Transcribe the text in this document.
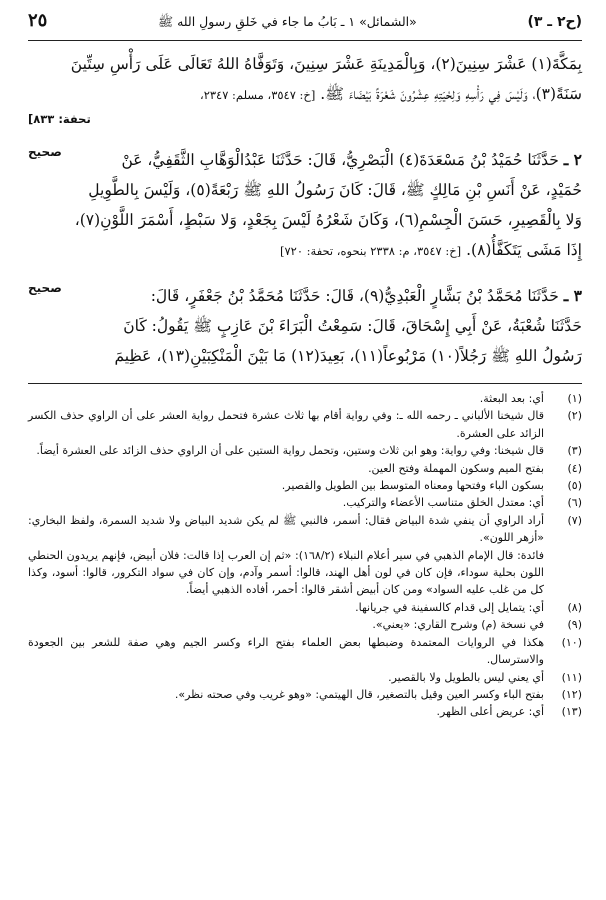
(ح٢ ـ ٣)
«الشمائل» ١ ـ بَابُ ما جاء في خَلقِ رسولِ الله ﷺ
٢٥

بِمَكَّةَ(١) عَشْرَ سِنِينَ(٢)، وَبِالْمَدِينَةِ عَشْرَ سِنِينَ، وَتَوَفَّاهُ اللهُ تَعَالَى عَلَى رَأْسِ سِتِّينَ

سَنَةً(٣)، وَلَيْسَ فِي رَأْسِهِ وَلِحْيَتِهِ عِشْرُونَ شَعْرَةً بَيْضَاءَ ﷺ. [خ: ٣٥٤٧، مسلم: ٢٣٤٧،

تحفة: ٨٣٣]

صحيح	٢ ـ حَدَّثَنَا حُمَيْدُ بْنُ مَسْعَدَةَ(٤) الْبَصْرِيُّ، قَالَ: حَدَّثَنَا عَبْدُالْوَهَّابِ الثَّقَفِيُّ، عَنْ

حُمَيْدٍ، عَنْ أَنَسِ بْنِ مَالِكٍ ﷺ، قَالَ: كَانَ رَسُولُ اللهِ ﷺ رَبْعَةً(٥)، وَلَيْسَ بِالطَّوِيلِ

وَلا بِالْقَصِيرِ، حَسَنَ الْجِسْمِ(٦)، وَكَانَ شَعْرُهُ لَيْسَ بِجَعْدٍ، وَلا سَبْطٍ، أَسْمَرَ اللَّوْنِ(٧)،

إِذَا مَشَى يَتَكَفَّأُ(٨). [خ: ٣٥٤٧، م: ٢٣٣٨ بنحوه، تحفة: ٧٢٠]

صحيح	٣ ـ حَدَّثَنَا مُحَمَّدُ بْنُ بَشَّارٍ الْعَبْدِيُّ(٩)، قَالَ: حَدَّثَنَا مُحَمَّدُ بْنُ جَعْفَرٍ، قَالَ:

حَدَّثَنَا شُعْبَةُ، عَنْ أَبِي إِسْحَاقَ، قَالَ: سَمِعْتُ الْبَرَاءَ بْنَ عَازِبٍ ﷺ يَقُولُ: كَانَ

رَسُولُ اللهِ ﷺ رَجُلاً(١٠) مَرْبُوعاً(١١)، بَعِيدَ(١٢) مَا بَيْنَ الْمَنْكِبَيْنِ(١٣)، عَظِيمَ

(١)
أي: بعد البعثة.

(٢)
قال شيخنا الألباني ـ رحمه الله ـ: وفي رواية أقام بها ثلاث عشرة فتحمل رواية العشر على أن الراوي حذف الكسر الزائد على العشرة.

(٣)
قال شيخنا: وفي رواية: وهو ابن ثلاث وستين، وتحمل رواية الستين على أن الراوي حذف الزائد على العشرة أيضاً.

(٤)
بفتح الميم وسكون المهملة وفتح العين.

(٥)
بسكون الباء وفتحها ومعناه المتوسط بين الطويل والقصير.

(٦)
أي: معتدل الخلق متناسب الأعضاء والتركيب.

(٧)
أراد الراوي أن ينفي شدة البياض فقال: أسمر، فالنبي ﷺ لم يكن شديد البياض ولا شديد السمرة، ولفظ البخاري: «أزهر اللون».

فائدة: قال الإمام الذهبي في سير أعلام النبلاء (١٦٨/٢): «ثم إن العرب إذا قالت: فلان أبيض، فإنهم يريدون الحنطي اللون بحلية سوداء، فإن كان في لون أهل الهند، قالوا: أسمر وآدم، وإن كان في سواد التكرور، قالوا: أسود، وكذا كل من غلب عليه السواد» ومن كان أبيض أشقر قالوا: أحمر، أفاده الذهبي أيضاً.

(٨)
أي: يتمايل إلى قدام كالسفينة في جريانها.

(٩)
في نسخة (م) وشرح القاري: «يعني».

(١٠)
هكذا في الروايات المعتمدة وضبطها بعض العلماء بفتح الراء وكسر الجيم وهي صفة للشعر بين الجعودة والاسترسال.

(١١)
أي يعني ليس بالطويل ولا بالقصير.

(١٢)
بفتح الباء وكسر العين وقيل بالتصغير، قال الهيتمي: «وهو غريب وفي صحته نظر».

(١٣)
أي: عريض أعلى الظهر.
